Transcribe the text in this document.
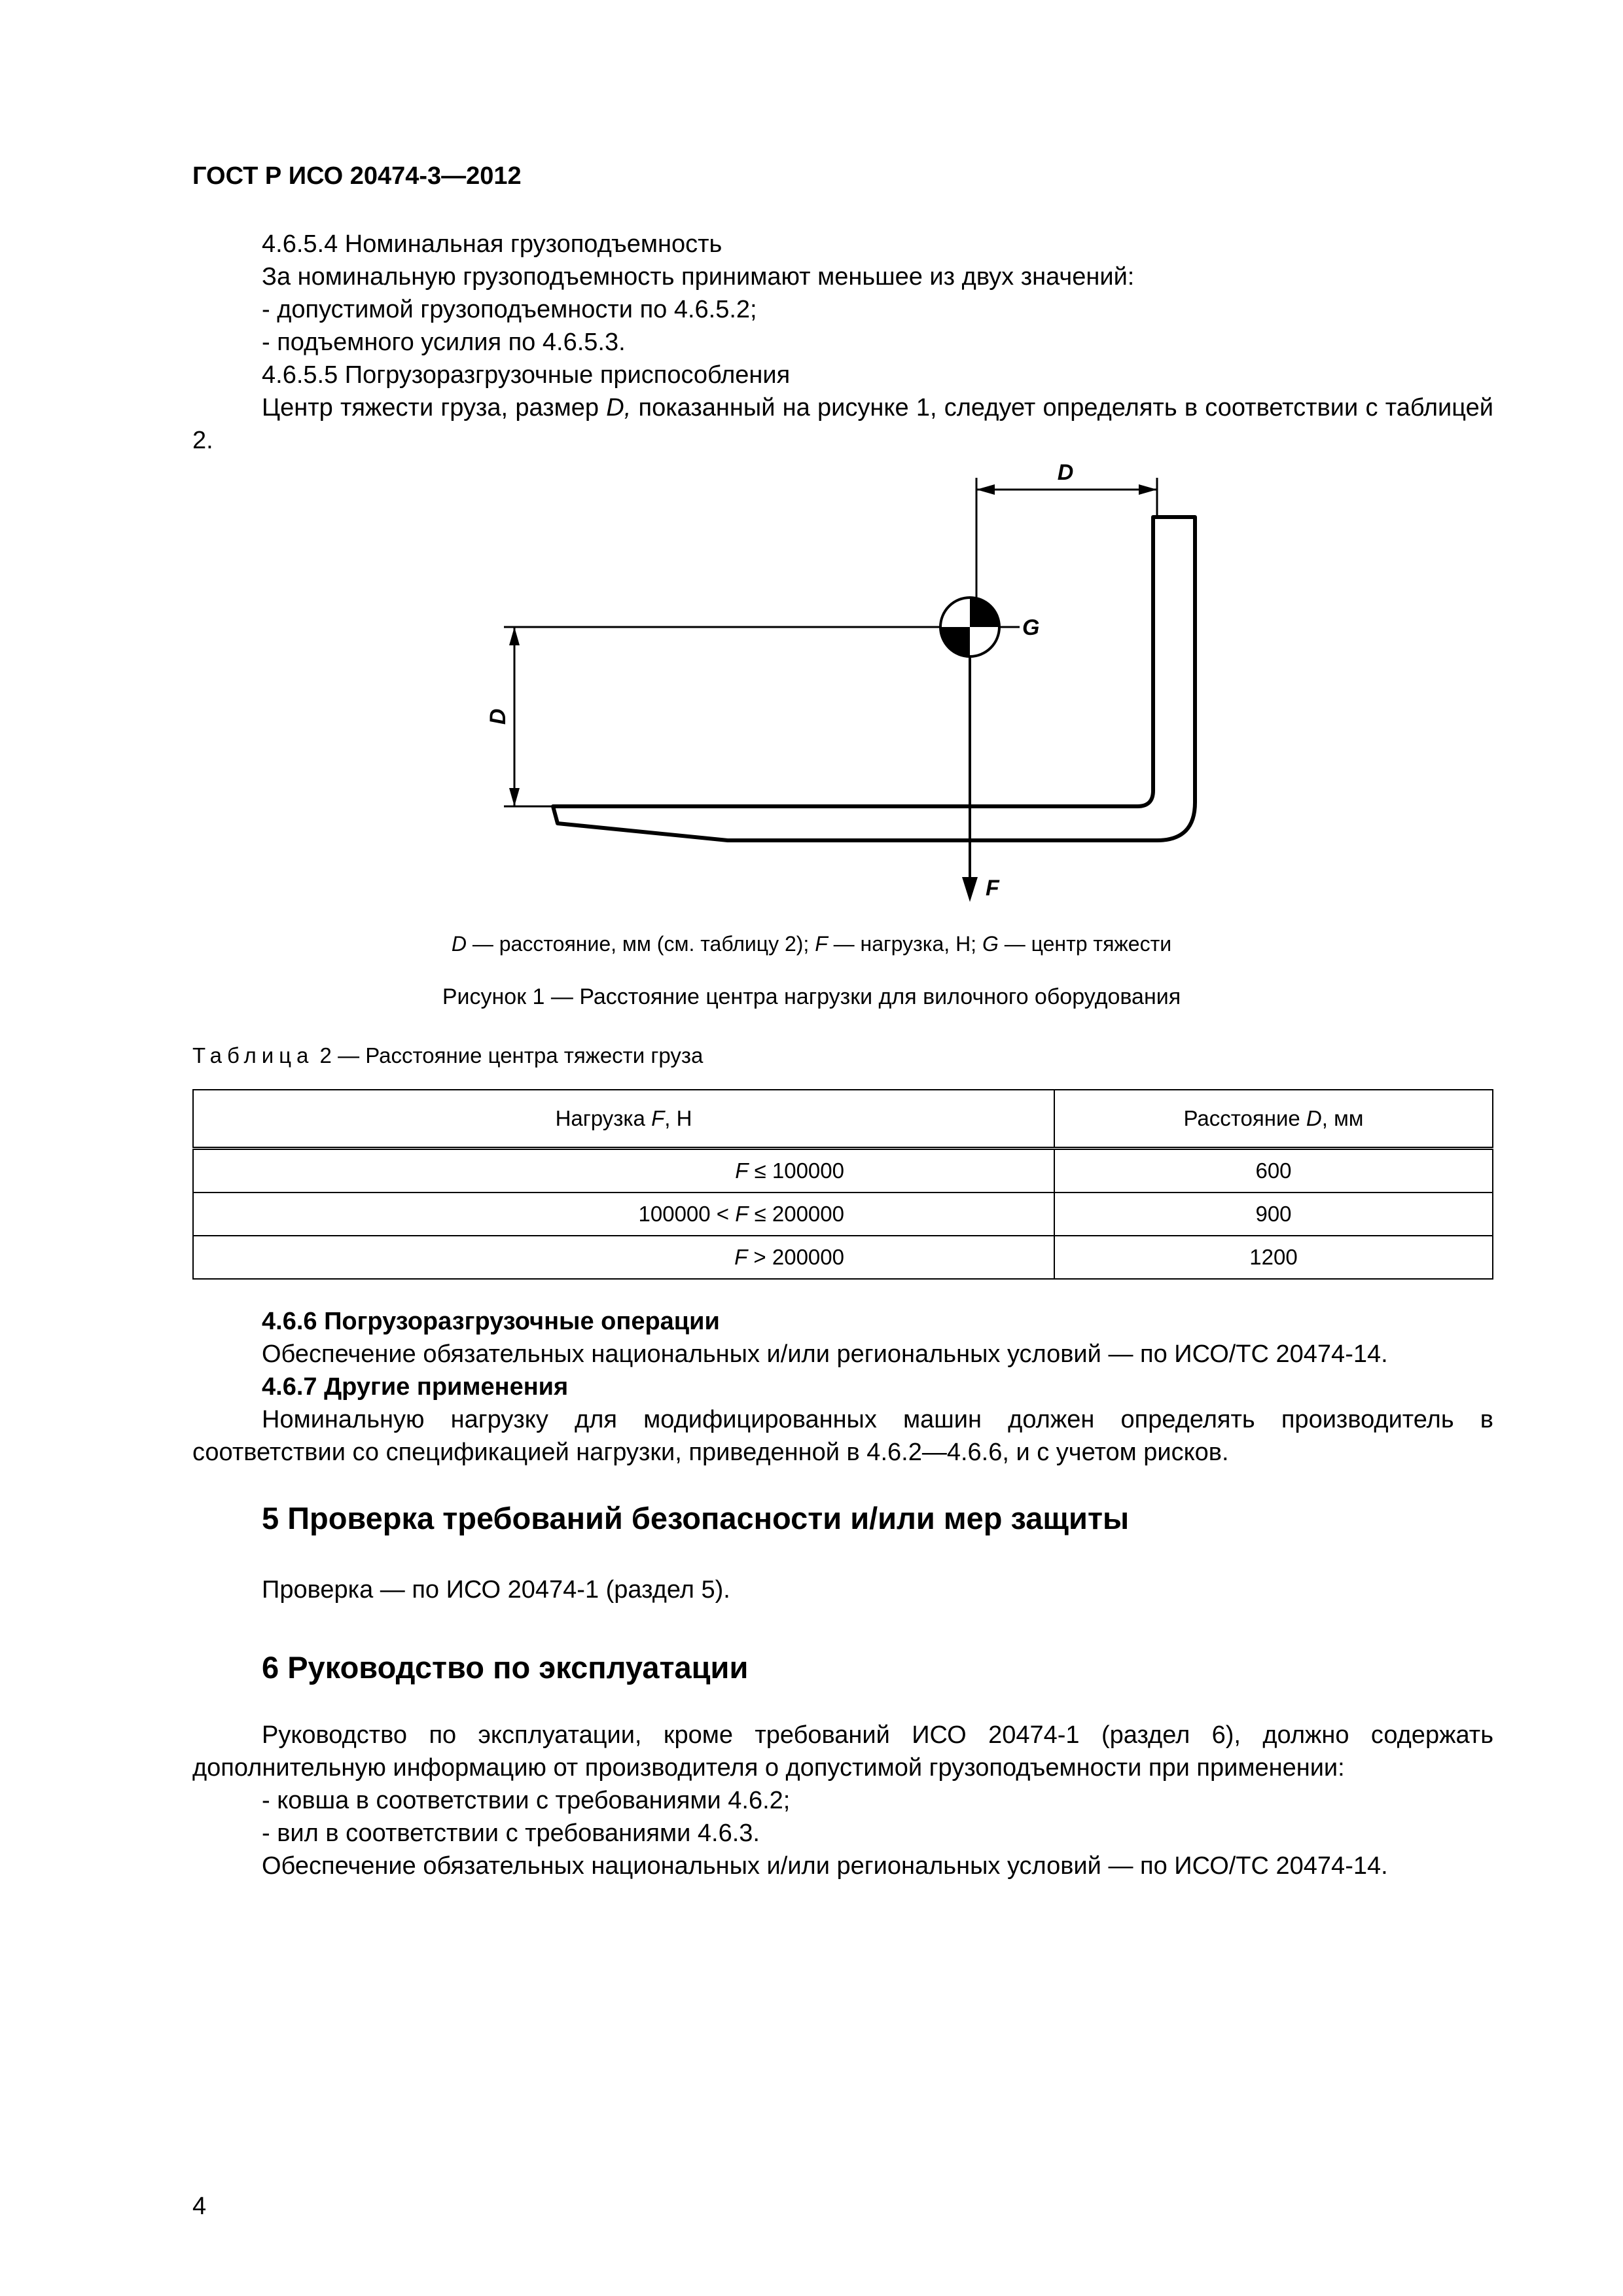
ГОСТ Р ИСО 20474-3—2012
4.6.5.4 Номинальная грузоподъемность
За номинальную грузоподъемность принимают меньшее из двух значений:
- допустимой грузоподъемности по 4.6.5.2;
- подъемного усилия по 4.6.5.3.
4.6.5.5 Погрузоразгрузочные приспособления
Центр тяжести груза, размер D, показанный на рисунке 1, следует определять в соответствии с таблицей 2.
D
D
G
F
D — расстояние, мм (см. таблицу 2); F — нагрузка, Н; G — центр тяжести
Рисунок 1 — Расстояние центра нагрузки для вилочного оборудования
Таблица 2 — Расстояние центра тяжести груза
Нагрузка F, Н	Расстояние D, мм
F ≤ 100000	600
100000 < F ≤ 200000	900
F > 200000	1200
4.6.6 Погрузоразгрузочные операции
Обеспечение обязательных национальных и/или региональных условий — по ИСО/ТС 20474-14.
4.6.7 Другие применения
Номинальную нагрузку для модифицированных машин должен определять производитель в соответствии со спецификацией нагрузки, приведенной в 4.6.2—4.6.6, и с учетом рисков.
5 Проверка требований безопасности и/или мер защиты
Проверка — по ИСО 20474-1 (раздел 5).
6 Руководство по эксплуатации
Руководство по эксплуатации, кроме требований ИСО 20474-1 (раздел 6), должно содержать дополнительную информацию от производителя о допустимой грузоподъемности при применении:
- ковша в соответствии с требованиями 4.6.2;
- вил в соответствии с требованиями 4.6.3.
Обеспечение обязательных национальных и/или региональных условий — по ИСО/ТС 20474-14.
4
